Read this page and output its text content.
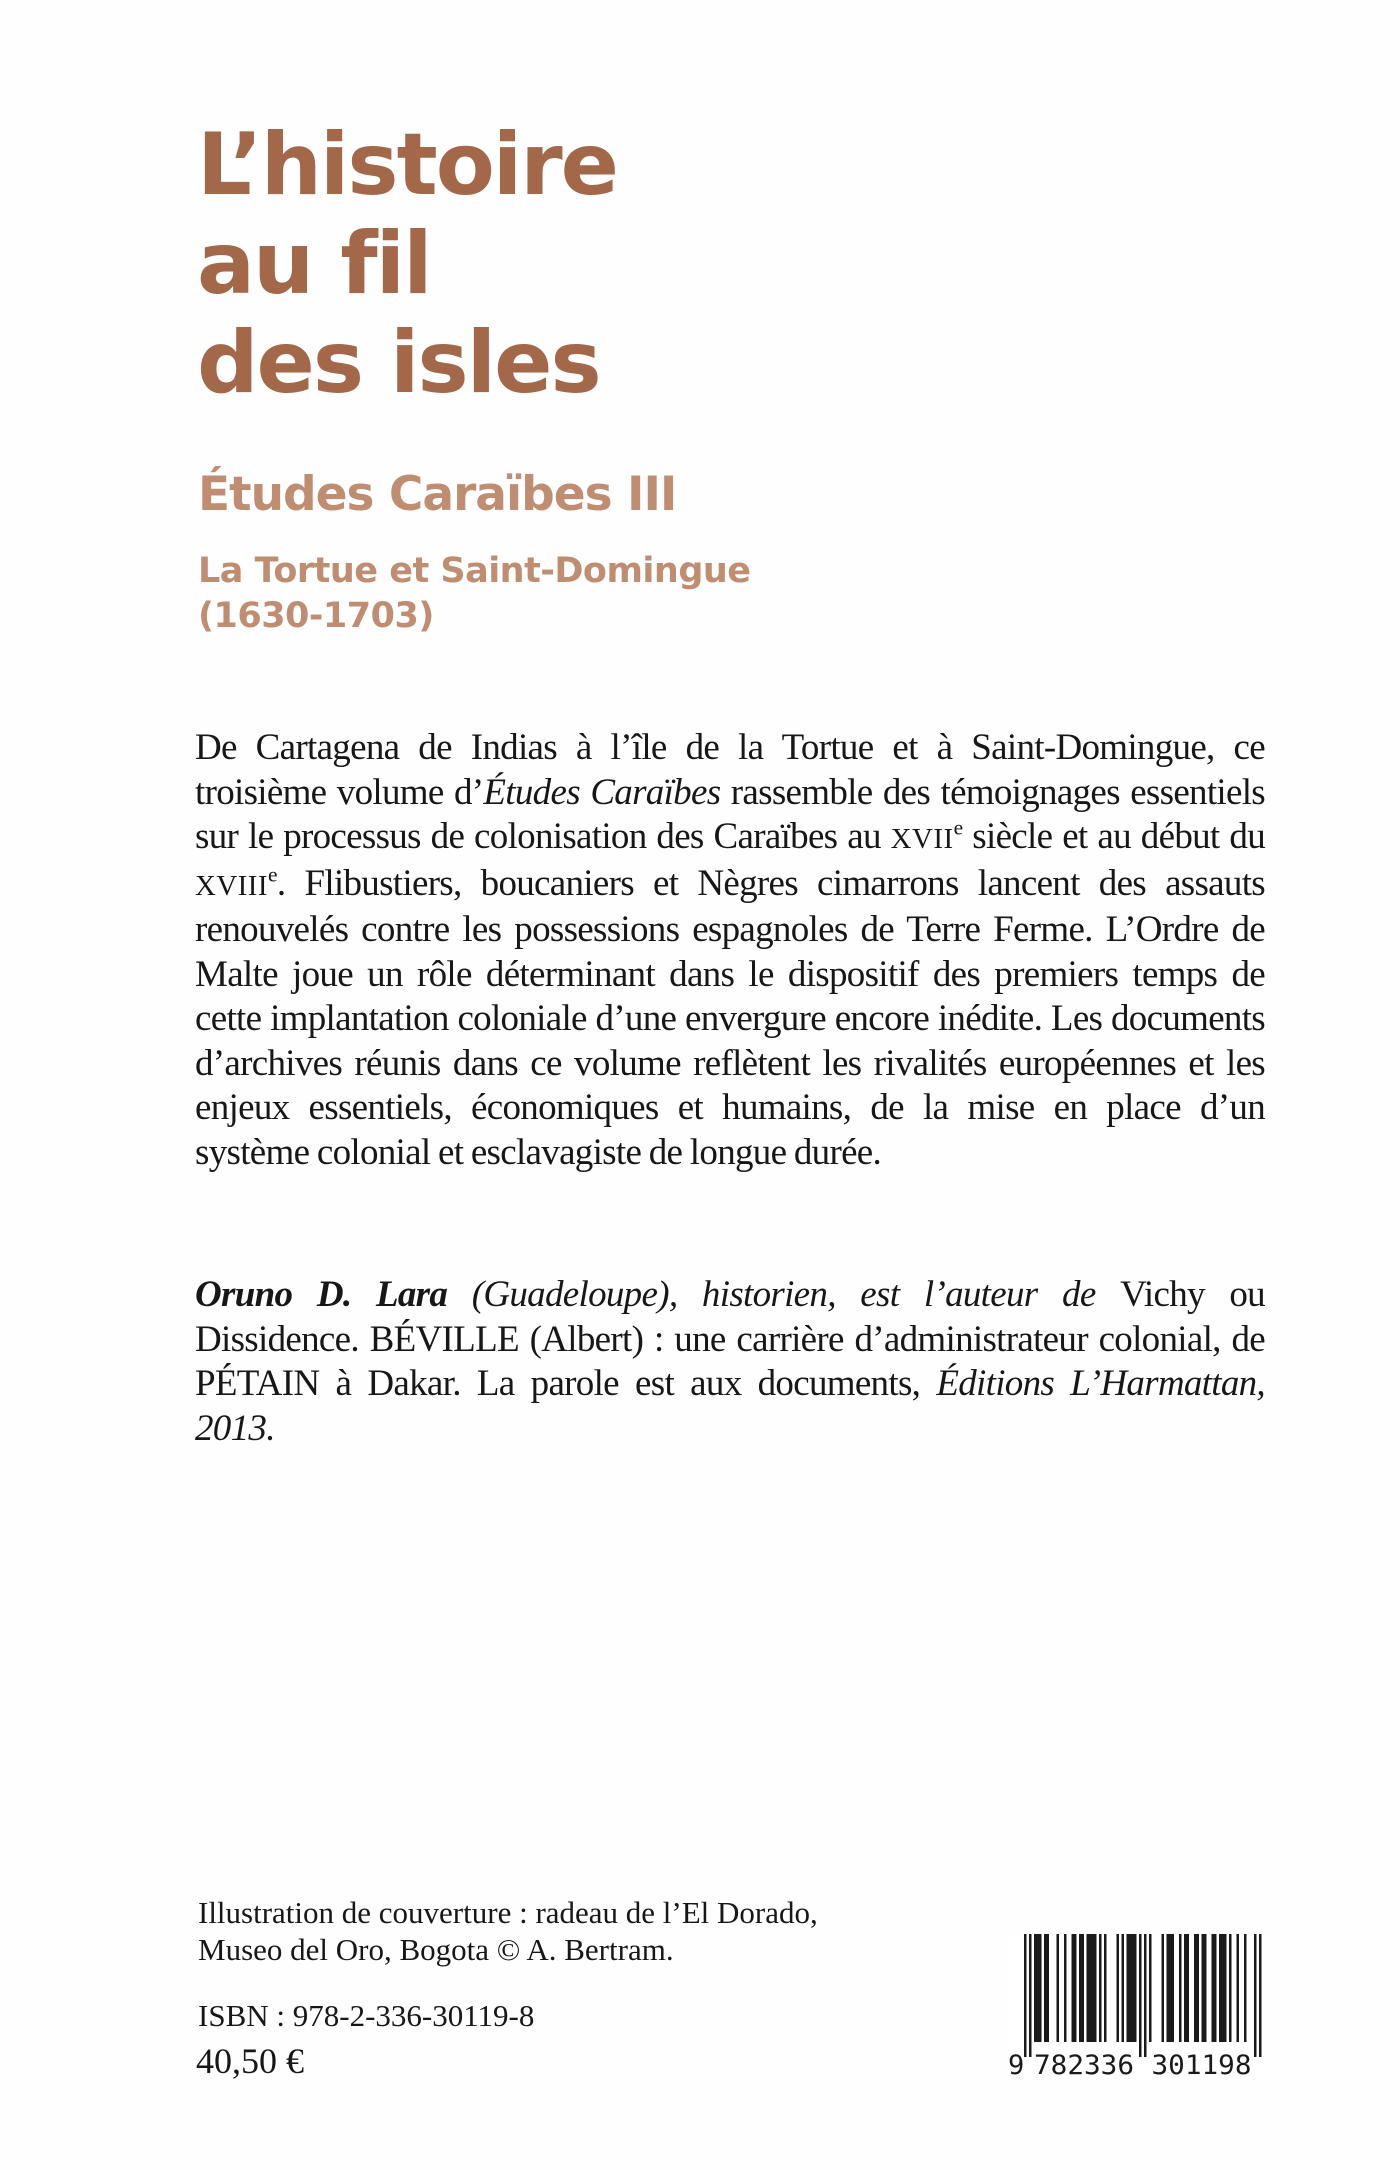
L’histoire
au fil
des isles
Études Caraïbes III
La Tortue et Saint-Domingue
(1630-1703)
De Cartagena de Indias à l’île de la Tortue et à Saint-Domingue, ce troisième volume d’Études Caraïbes rassemble des témoignages essentiels sur le processus de colonisation des Caraïbes au XVIIe siècle et au début du XVIIIe. Flibustiers, boucaniers et Nègres cimarrons lancent des assauts renouvelés contre les possessions espagnoles de Terre Ferme. L’Ordre de Malte joue un rôle déterminant dans le dispositif des premiers temps de cette implantation coloniale d’une envergure encore inédite. Les documents d’archives réunis dans ce volume reflètent les rivalités européennes et les enjeux essentiels, économiques et humains, de la mise en place d’un système colonial et esclavagiste de longue durée.
Oruno D. Lara (Guadeloupe), historien, est l’auteur de Vichy ou Dissidence. BÉVILLE (Albert) : une carrière d’administrateur colonial, de PÉTAIN à Dakar. La parole est aux documents, Éditions L’Harmattan, 2013.
Illustration de couverture : radeau de l’El Dorado,
Museo del Oro, Bogota © A. Bertram.
ISBN : 978-2-336-30119-8
40,50 €	9 782336 301198
